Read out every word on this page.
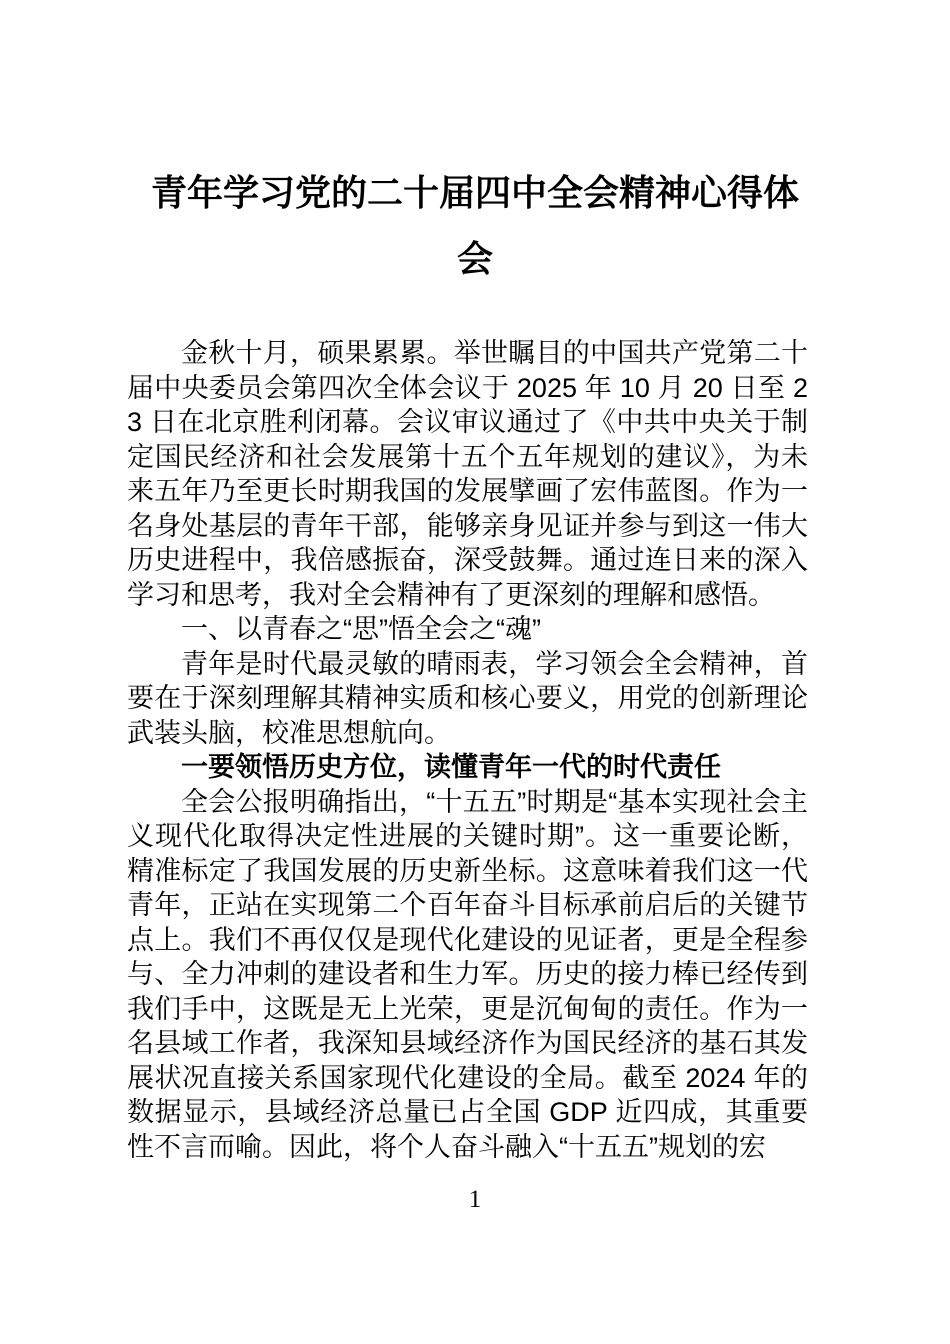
青年学习党的二十届四中全会精神心得体会

金秋十月，硕果累累。举世瞩目的中国共产党第二十届中央委员会第四次全体会议于 2025 年 10 月 20 日至 23 日在北京胜利闭幕。会议审议通过了《中共中央关于制定国民经济和社会发展第十五个五年规划的建议》，为未来五年乃至更长时期我国的发展擘画了宏伟蓝图。作为一名身处基层的青年干部，能够亲身见证并参与到这一伟大历史进程中，我倍感振奋，深受鼓舞。通过连日来的深入学习和思考，我对全会精神有了更深刻的理解和感悟。

一、以青春之“思”悟全会之“魂”

青年是时代最灵敏的晴雨表，学习领会全会精神，首要在于深刻理解其精神实质和核心要义，用党的创新理论武装头脑，校准思想航向。

一要领悟历史方位，读懂青年一代的时代责任

全会公报明确指出，“十五五”时期是“基本实现社会主义现代化取得决定性进展的关键时期”。这一重要论断，精准标定了我国发展的历史新坐标。这意味着我们这一代青年，正站在实现第二个百年奋斗目标承前启后的关键节点上。我们不再仅仅是现代化建设的见证者，更是全程参与、全力冲刺的建设者和生力军。历史的接力棒已经传到我们手中，这既是无上光荣，更是沉甸甸的责任。作为一名县域工作者，我深知县域经济作为国民经济的基石其发展状况直接关系国家现代化建设的全局。截至 2024 年的数据显示，县域经济总量已占全国 GDP 近四成，其重要性不言而喻。因此，将个人奋斗融入“十五五”规划的宏

1
